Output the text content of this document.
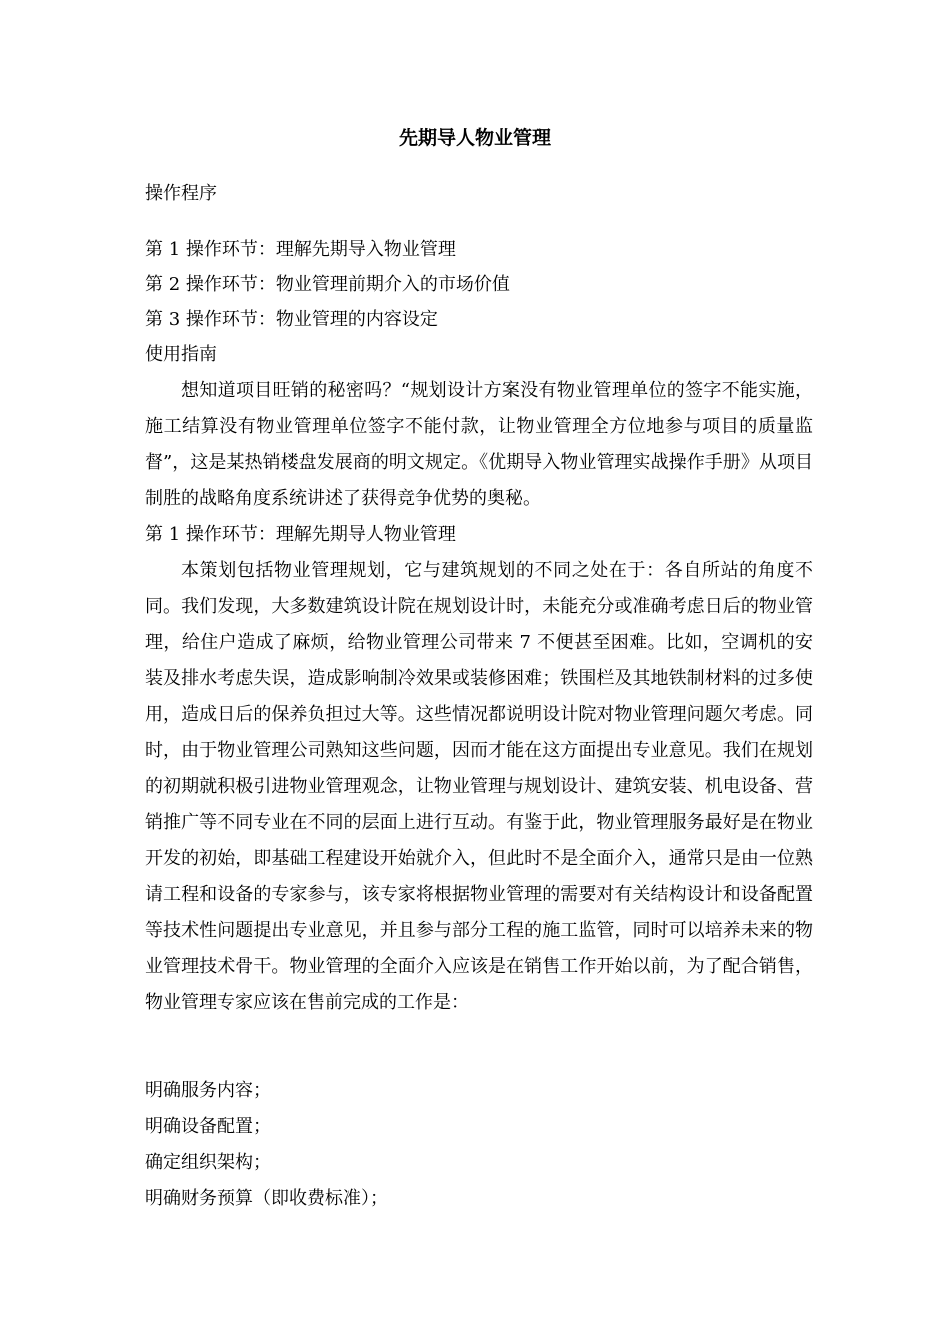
先期导人物业管理
操作程序
第 1 操作环节：理解先期导入物业管理
第 2 操作环节：物业管理前期介入的市场价值
第 3 操作环节：物业管理的内容设定
使用指南
想知道项目旺销的秘密吗？“规划设计方案没有物业管理单位的签字不能实施，施工结算没有物业管理单位签字不能付款，让物业管理全方位地参与项目的质量监督”，这是某热销楼盘发展商的明文规定。《优期导入物业管理实战操作手册》从项目制胜的战略角度系统讲述了获得竞争优势的奥秘。
第 1 操作环节：理解先期导人物业管理
本策划包括物业管理规划，它与建筑规划的不同之处在于：各自所站的角度不同。我们发现，大多数建筑设计院在规划设计时，未能充分或准确考虑日后的物业管理，给住户造成了麻烦，给物业管理公司带来 7 不便甚至困难。比如，空调机的安装及排水考虑失误，造成影响制冷效果或装修困难；铁围栏及其地铁制材料的过多使用，造成日后的保养负担过大等。这些情况都说明设计院对物业管理问题欠考虑。同时，由于物业管理公司熟知这些问题，因而才能在这方面提出专业意见。我们在规划的初期就积极引进物业管理观念，让物业管理与规划设计、建筑安装、机电设备、营销推广等不同专业在不同的层面上进行互动。有鉴于此，物业管理服务最好是在物业开发的初始，即基础工程建设开始就介入，但此时不是全面介入，通常只是由一位熟请工程和设备的专家参与，该专家将根据物业管理的需要对有关结构设计和设备配置等技术性问题提出专业意见，并且参与部分工程的施工监管，同时可以培养未来的物业管理技术骨干。物业管理的全面介入应该是在销售工作开始以前，为了配合销售，物业管理专家应该在售前完成的工作是：
明确服务内容；
明确设备配置；
确定组织架构；
明确财务预算（即收费标准）；
